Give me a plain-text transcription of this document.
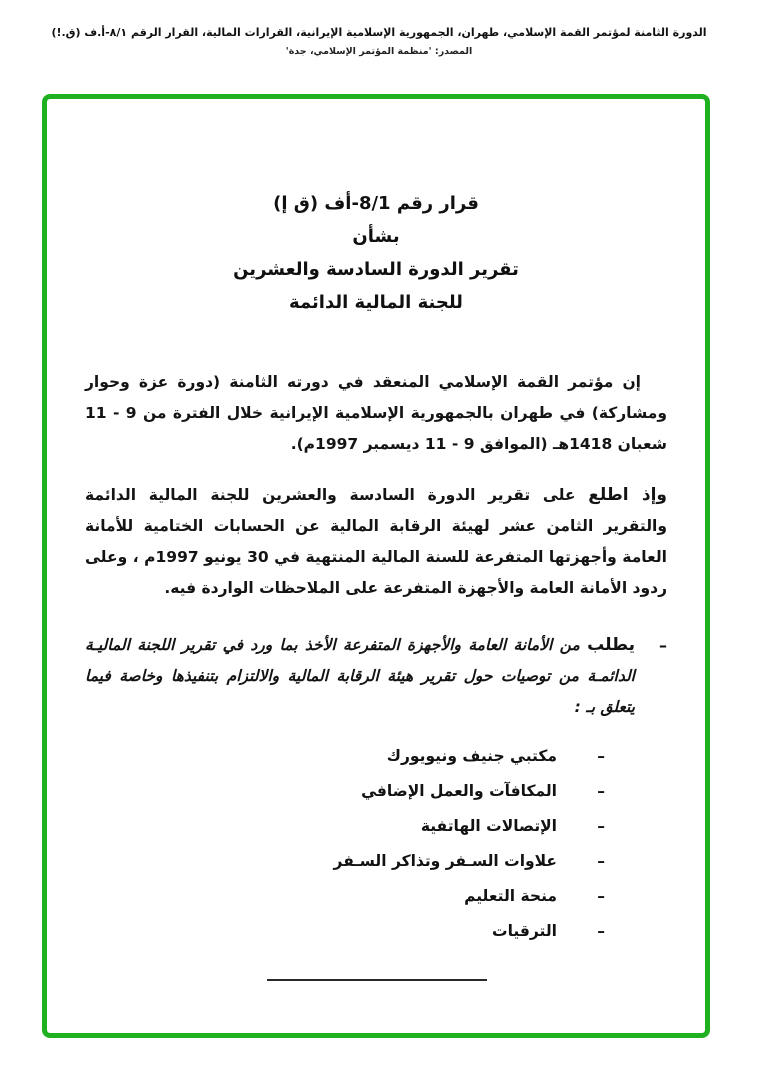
الدورة الثامنة لمؤتمر القمة الإسلامي، طهران، الجمهورية الإسلامية الإيرانية، القرارات المالية، القرار الرقم ٨/١-أ.ف (ق.!)
المصدر: 'منظمة المؤتمر الإسلامي، جدة'
قرار رقم 8/1-أف (ق إ)
بشأن
تقرير الدورة السادسة والعشرين
للجنة المالية الدائمة

إن مؤتمر القمة الإسلامي المنعقد في دورته الثامنة (دورة عزة وحوار ومشاركة) في طهران بالجمهورية الإسلامية الإيرانية خلال الفترة من 9 - 11 شعبان 1418هـ (الموافق 9 - 11 ديسمبر 1997م).

وإذ اطلع على تقرير الدورة السادسة والعشرين للجنة المالية الدائمة والتقرير الثامن عشر لهيئة الرقابة المالية عن الحسابات الختامية للأمانة العامة وأجهزتها المتفرعة للسنة المالية المنتهية في 30 يونيو 1997م ، وعلى ردود الأمانة العامة والأجهزة المتفرعة على الملاحظات الواردة فيه.

–

يطلب من الأمانة العامة والأجهزة المتفرعة الأخذ بما ورد في تقرير اللجنة الماليـة الدائمـة من توصيات حول تقرير هيئة الرقابة المالية والالتزام بتنفيذها وخاصة فيما يتعلق بـ :

–
مكتبي جنيف ونيويورك
–
المكافآت والعمل الإضافي
–
الإتصالات الهاتفية
–
علاوات السـفر وتذاكر السـفر
–
منحة التعليم
–
الترقيات
